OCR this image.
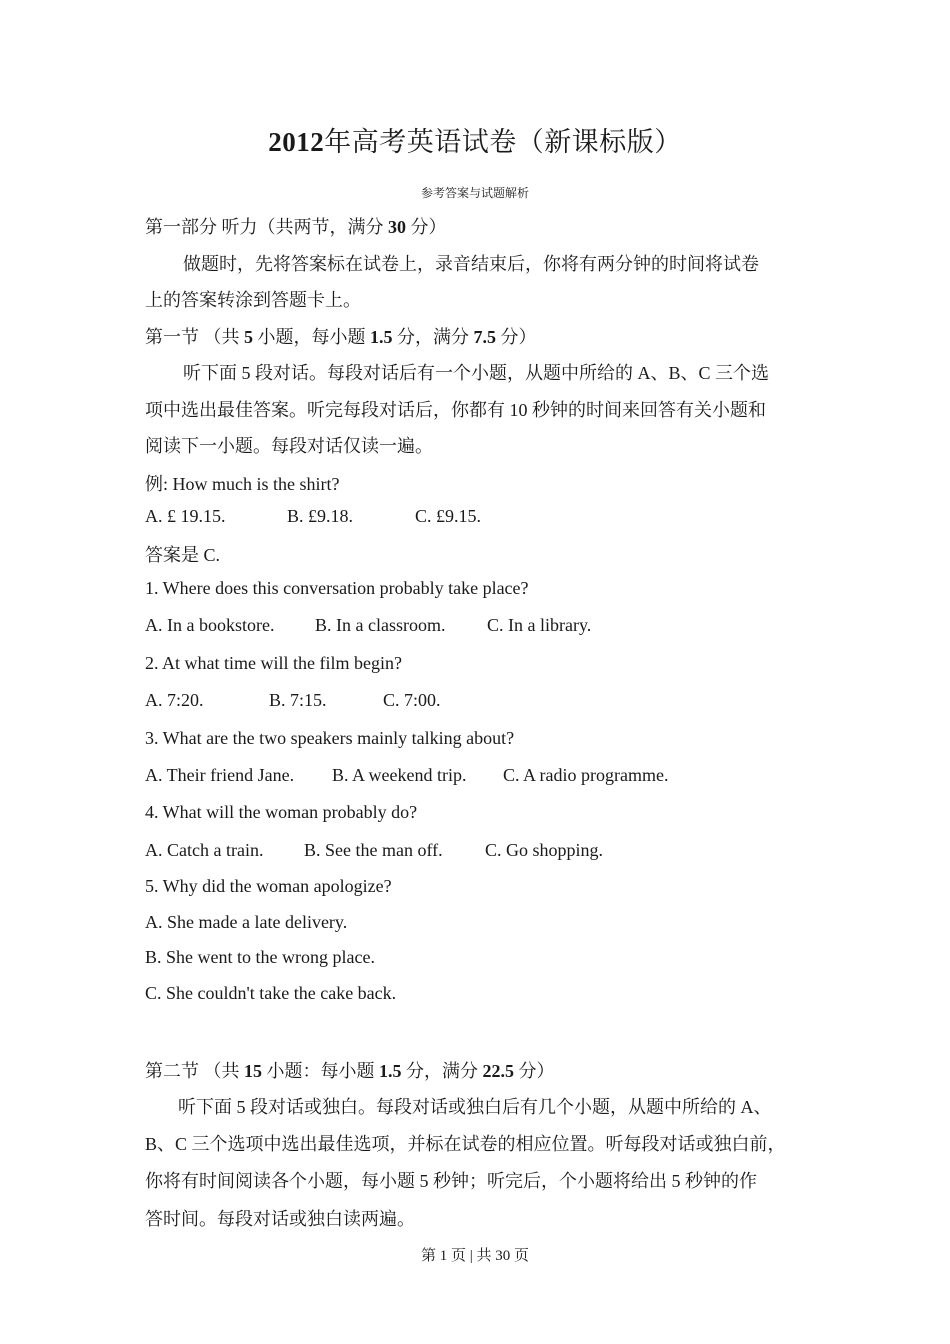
2012年高考英语试卷（新课标版）
参考答案与试题解析
第一部分 听力（共两节，满分 30 分）
做题时，先将答案标在试卷上，录音结束后，你将有两分钟的时间将试卷
上的答案转涂到答题卡上。
第一节 （共 5 小题，每小题 1.5 分，满分 7.5 分）
听下面 5 段对话。每段对话后有一个小题，从题中所给的 A、B、C 三个选
项中选出最佳答案。听完每段对话后，你都有 10 秒钟的时间来回答有关小题和
阅读下一小题。每段对话仅读一遍。
例: How much is the shirt?
A. £ 19.15.	B. £9.18.	C. £9.15.
答案是 C.
1. Where does this conversation probably take place?
A. In a bookstore. B. In a classroom. C. In a library.
2. At what time will the film begin?
A. 7:20.	B. 7:15.	C. 7:00.
3. What are the two speakers mainly talking about?
A. Their friend Jane. B. A weekend trip. C. A radio programme.
4. What will the woman probably do?
A. Catch a train. B. See the man off. C. Go shopping.
5. Why did the woman apologize?
A. She made a late delivery.
B. She went to the wrong place.
C. She couldn't take the cake back.
第二节 （共 15 小题：每小题 1.5 分，满分 22.5 分）
听下面 5 段对话或独白。每段对话或独白后有几个小题，从题中所给的 A、
B、C 三个选项中选出最佳选项，并标在试卷的相应位置。听每段对话或独白前，
你将有时间阅读各个小题，每小题 5 秒钟；听完后，个小题将给出 5 秒钟的作
答时间。每段对话或独白读两遍。
第 1 页 | 共 30 页
